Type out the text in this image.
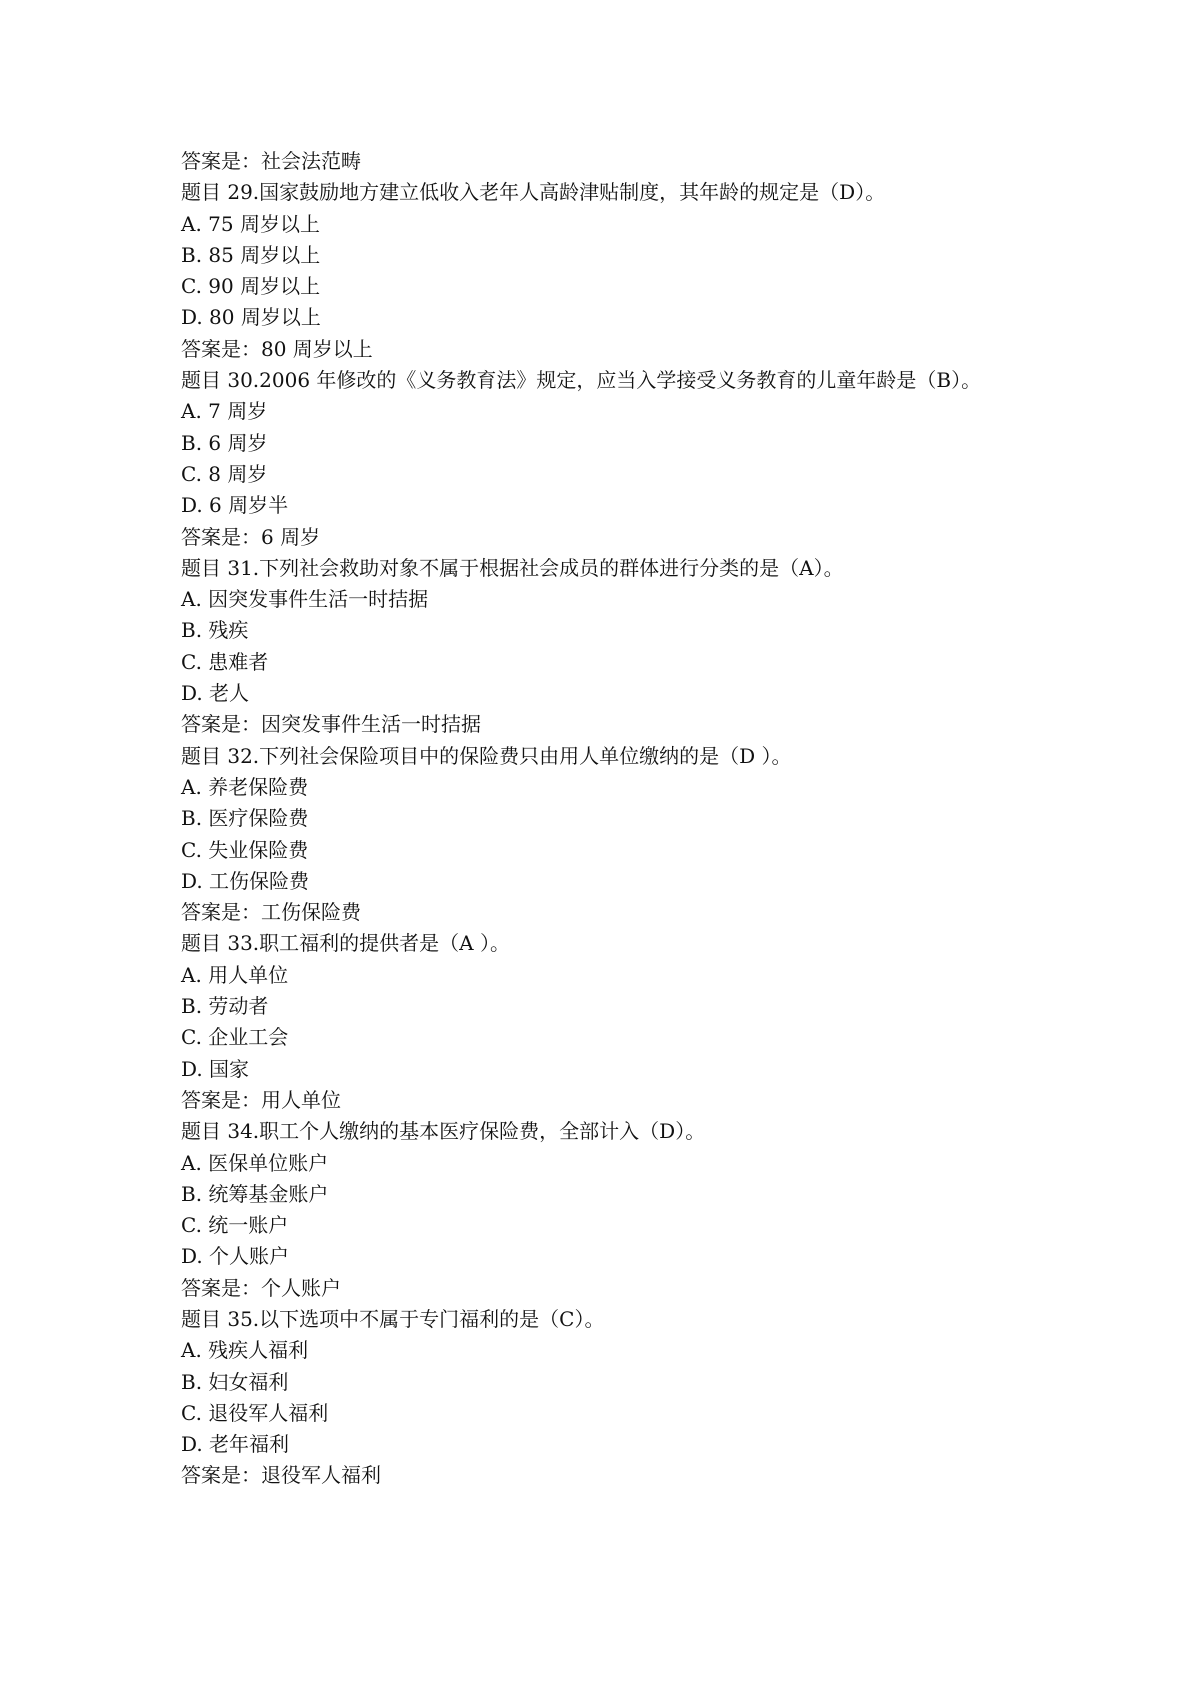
答案是：社会法范畴
题目 29.国家鼓励地方建立低收入老年人高龄津贴制度，其年龄的规定是（D）。
A. 75 周岁以上
B. 85 周岁以上
C. 90 周岁以上
D. 80 周岁以上
答案是：80 周岁以上
题目 30.2006 年修改的《义务教育法》规定，应当入学接受义务教育的儿童年龄是（B）。
A. 7 周岁
B. 6 周岁
C. 8 周岁
D. 6 周岁半
答案是：6 周岁
题目 31.下列社会救助对象不属于根据社会成员的群体进行分类的是（A）。
A. 因突发事件生活一时拮据
B. 残疾
C. 患难者
D. 老人
答案是：因突发事件生活一时拮据
题目 32.下列社会保险项目中的保险费只由用人单位缴纳的是（D ）。
A. 养老保险费
B. 医疗保险费
C. 失业保险费
D. 工伤保险费
答案是：工伤保险费
题目 33.职工福利的提供者是（A ）。
A. 用人单位
B. 劳动者
C. 企业工会
D. 国家
答案是：用人单位
题目 34.职工个人缴纳的基本医疗保险费，全部计入（D）。
A. 医保单位账户
B. 统筹基金账户
C. 统一账户
D. 个人账户
答案是：个人账户
题目 35.以下选项中不属于专门福利的是（C）。
A. 残疾人福利
B. 妇女福利
C. 退役军人福利
D. 老年福利
答案是：退役军人福利
